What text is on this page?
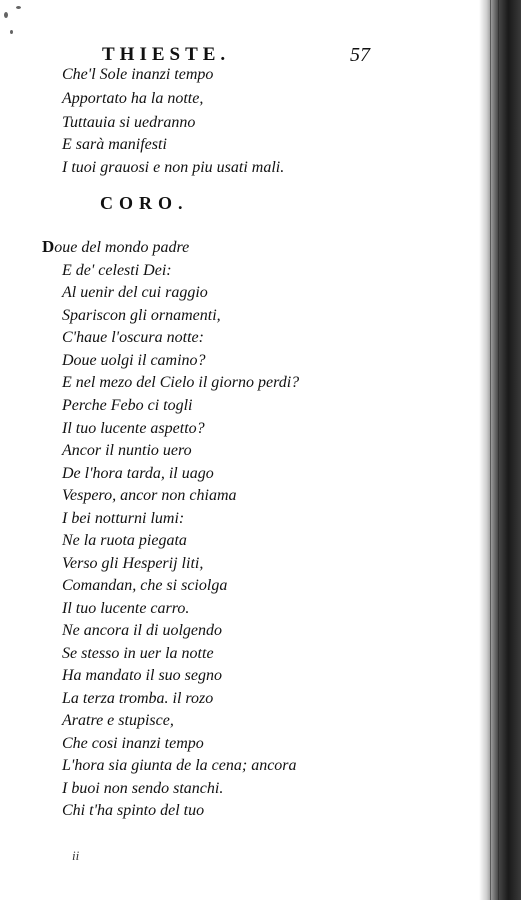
THIESTE.	57
Che'l Sole inanzi tempo
Apportato ha la notte,
Tuttauia si uedranno
E sarà manifesti
I tuoi grauosi e non piu usati mali.
CORO.
Doue del mondo padre
E de' celesti Dei:
Al uenir del cui raggio
Spariscon gli ornamenti,
C'haue l'oscura notte:
Doue uolgi il camino?
E nel mezo del Cielo il giorno perdi?
Perche Febo ci togli
Il tuo lucente aspetto?
Ancor il nuntio uero
De l'hora tarda, il uago
Vespero, ancor non chiama
I bei notturni lumi:
Ne la ruota piegata
Verso gli Hesperij liti,
Comandan, che si sciolga
Il tuo lucente carro.
Ne ancora il di uolgendo
Se stesso in uer la notte
Ha mandato il suo segno
La terza tromba. il rozo
Aratre e stupisce,
Che cosi inanzi tempo
L'hora sia giunta de la cena; ancora
I buoi non sendo stanchi.
Chi t'ha spinto del tuo
ii
